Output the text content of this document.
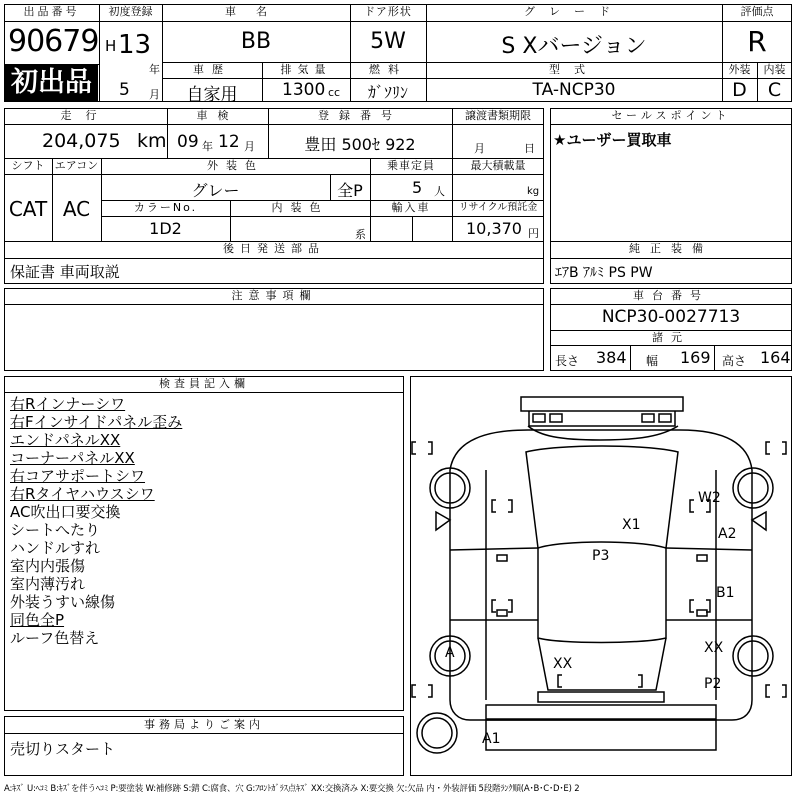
出品番号
90679
初出品
初度登録
H 13
年
5 月
車名
BB
ドア形状
5W
グレード
S Xバージョン
評価点
R
車歴
自家用
排気量
1300 cc
燃料
ｶﾞｿﾘﾝ
型式
TA-NCP30
外装
D
内装
C
走行
204,075 km
車検
09 年 12 月
登録番号
豊田 500ｾ 922
譲渡書類期限
月	日
シフト
CAT
エアコン
AC
外装色
グレー	全P
乗車定員
5 人
最大積載量
kg
カラーNo.
1D2
内装色
系
輸入車	リサイクル預託金
10,370 円
後日発送部品
保証書 車両取説
セールスポイント
★ユーザー買取車
純正装備
ｴｱB ｱﾙﾐ PS PW
注意事項欄	車台番号
NCP30-0027713
諸元
長さ 384 幅 169 高さ 164
検査員記入欄
右Rインナーシワ
右Fインサイドパネル歪み
エンドパネルXX
コーナーパネルXX
右コアサポートシワ
右Rタイヤハウスシワ
AC吹出口要交換
シートへたり
ハンドルすれ
室内内張傷
室内薄汚れ
外装うすい線傷
同色全P
ルーフ色替え
事務局よりご案内
売切りスタート
W2
X1
A2
P3
B1
A
XX
XX
P2
A1
A:ｷｽﾞ U:ﾍｺﾐ B:ｷｽﾞを伴うﾍｺﾐ P:要塗装 W:補修跡 S:錆 C:腐食、穴 G:ﾌﾛﾝﾄｶﾞﾗｽ点ｷｽﾞ XX:交換済み X:要交換 欠:欠品 内・外装評価 5段階ﾗﾝｸ順(A･B･C･D･E) 2
